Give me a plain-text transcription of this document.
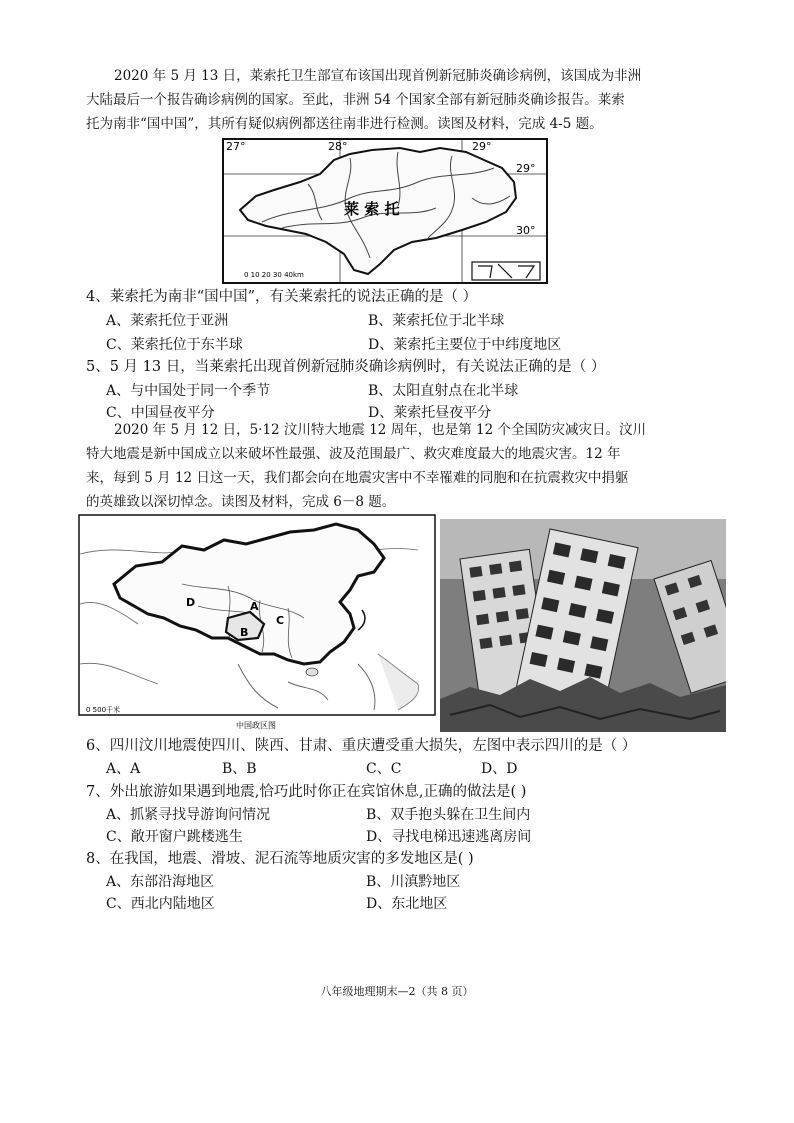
2020 年 5 月 13 日，莱索托卫生部宣布该国出现首例新冠肺炎确诊病例，该国成为非洲
大陆最后一个报告确诊病例的国家。至此，非洲 54 个国家全部有新冠肺炎确诊报告。莱索
托为南非“国中国”，其所有疑似病例都送往南非进行检测。读图及材料，完成 4-5 题。

27°	28°	29°
29°
30°
莱 索 托
0 10 20 30 40km
4、莱索托为南非“国中国”，有关莱索托的说法正确的是（ ）
A、莱索托位于亚洲	B、莱索托位于北半球
C、莱索托位于东半球	D、莱索托主要位于中纬度地区
5、5 月 13 日，当莱索托出现首例新冠肺炎确诊病例时，有关说法正确的是（ ）
A、与中国处于同一个季节	B、太阳直射点在北半球
C、中国昼夜平分	D、莱索托昼夜平分

2020 年 5 月 12 日，5·12 汶川特大地震 12 周年，也是第 12 个全国防灾减灾日。汶川
特大地震是新中国成立以来破坏性最强、波及范围最广、救灾难度最大的地震灾害。12 年
来，每到 5 月 12 日这一天，我们都会向在地震灾害中不幸罹难的同胞和在抗震救灾中捐躯
的英雄致以深切悼念。读图及材料，完成 6－8 题。

A
B
C
D
0 500千米
中国政区图
6、四川汶川地震使四川、陕西、甘肃、重庆遭受重大损失，左图中表示四川的是（ ）
A、A	B、B	C、C	D、D
7、外出旅游如果遇到地震,恰巧此时你正在宾馆休息,正确的做法是( )
A、抓紧寻找导游询问情况	B、双手抱头躲在卫生间内
C、敞开窗户跳楼逃生	D、寻找电梯迅速逃离房间
8、在我国，地震、滑坡、泥石流等地质灾害的多发地区是( )
A、东部沿海地区	B、川滇黔地区
C、西北内陆地区	D、东北地区
八年级地理期末—2（共 8 页）
